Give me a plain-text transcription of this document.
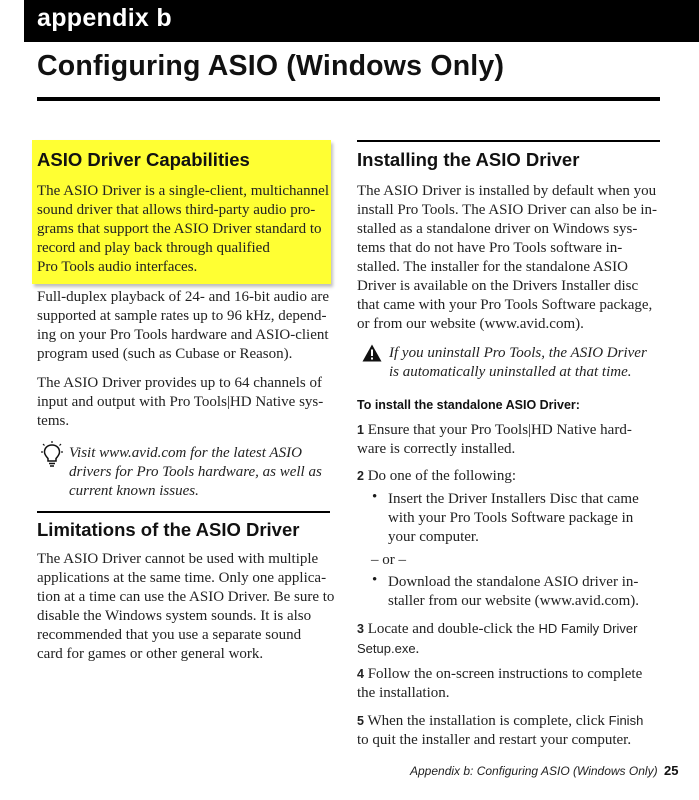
appendix b
Configuring ASIO (Windows Only)
ASIO Driver Capabilities

The ASIO Driver is a single-client, multichannel
sound driver that allows third-party audio pro-
grams that support the ASIO Driver standard to
record and play back through qualified
Pro Tools audio interfaces.

Full-duplex playback of 24- and 16-bit audio are
supported at sample rates up to 96 kHz, depend-
ing on your Pro Tools hardware and ASIO-client
program used (such as Cubase or Reason).

The ASIO Driver provides up to 64 channels of
input and output with Pro Tools|HD Native sys-
tems.

Visit www.avid.com for the latest ASIO
drivers for Pro Tools hardware, as well as
current known issues.

Limitations of the ASIO Driver

The ASIO Driver cannot be used with multiple
applications at the same time. Only one applica-
tion at a time can use the ASIO Driver. Be sure to
disable the Windows system sounds. It is also
recommended that you use a separate sound
card for games or other general work.

Installing the ASIO Driver

The ASIO Driver is installed by default when you
install Pro Tools. The ASIO Driver can also be in-
stalled as a standalone driver on Windows sys-
tems that do not have Pro Tools software in-
stalled. The installer for the standalone ASIO
Driver is available on the Drivers Installer disc
that came with your Pro Tools Software package,
or from our website (www.avid.com).

If you uninstall Pro Tools, the ASIO Driver
is automatically uninstalled at that time.

To install the standalone ASIO Driver:

1 Ensure that your Pro Tools|HD Native hard-
ware is correctly installed.

2 Do one of the following:

• Insert the Driver Installers Disc that came
with your Pro Tools Software package in
your computer.

– or –

• Download the standalone ASIO driver in-
staller from our website (www.avid.com).

3 Locate and double-click the HD Family Driver
Setup.exe.

4 Follow the on-screen instructions to complete
the installation.

5 When the installation is complete, click Finish
to quit the installer and restart your computer.

Appendix b: Configuring ASIO (Windows Only) 25
